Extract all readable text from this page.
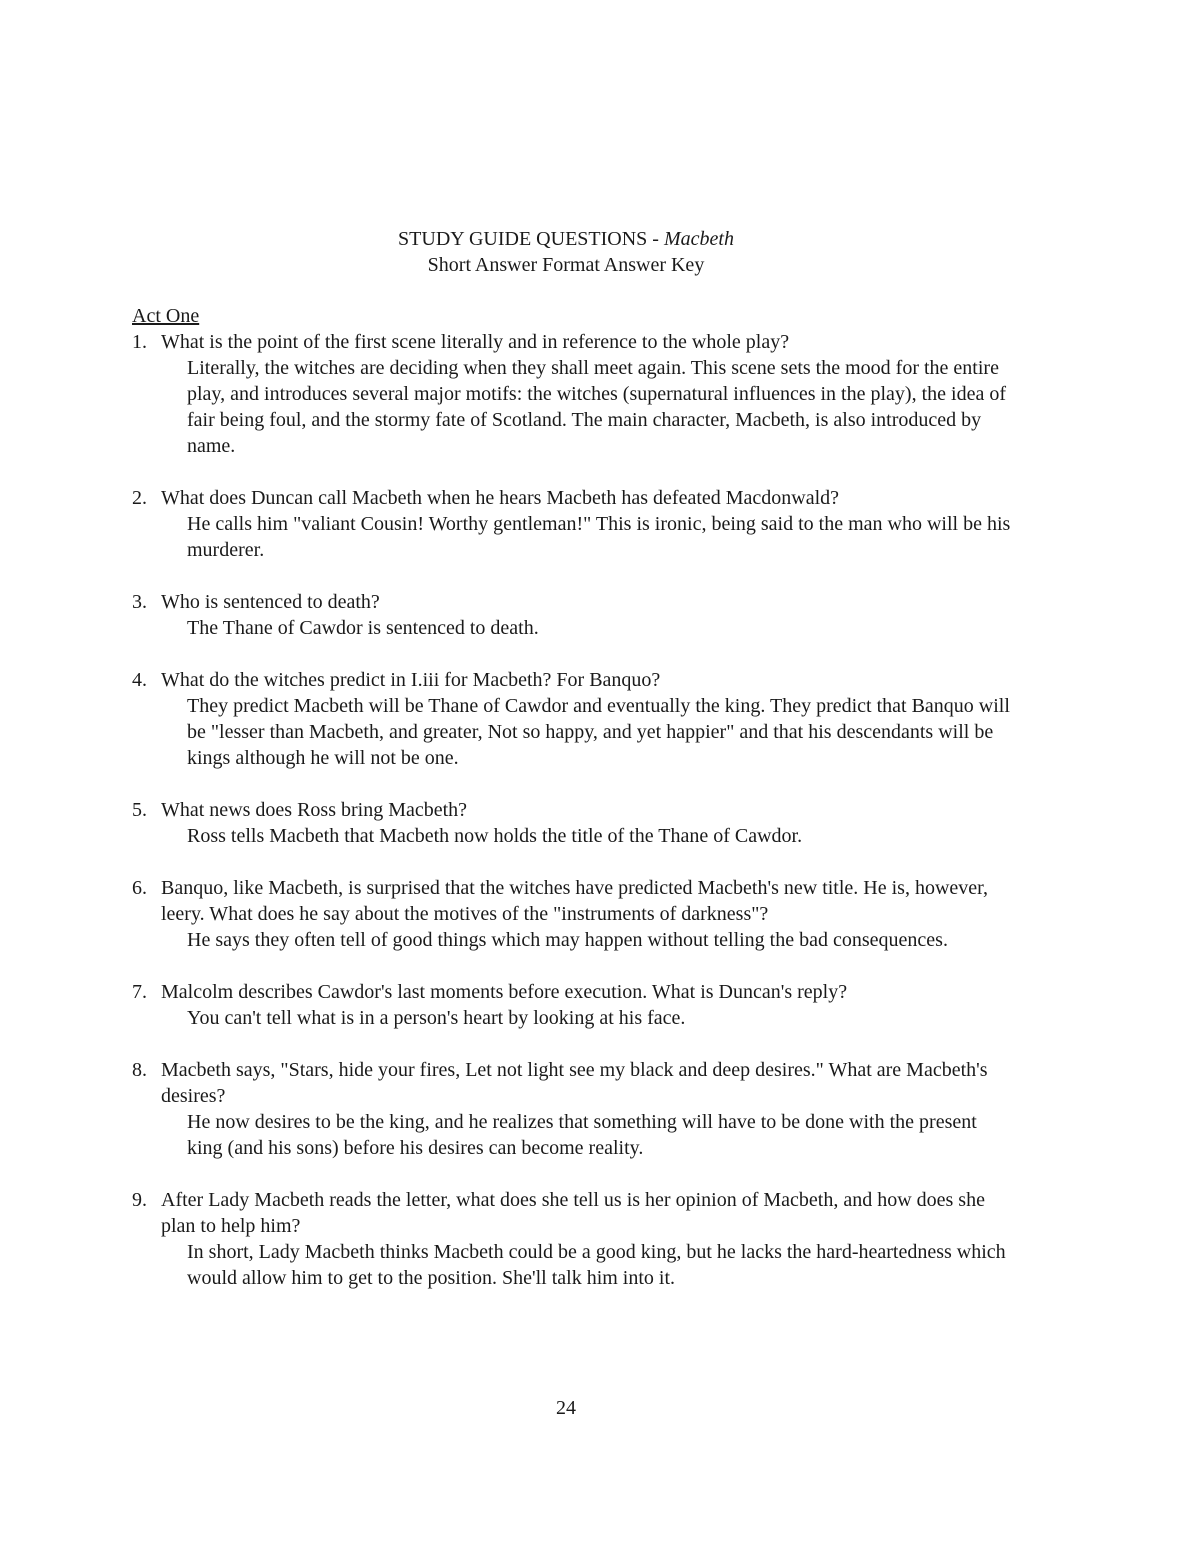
STUDY GUIDE QUESTIONS - Macbeth
Short Answer Format Answer Key

Act One

1. What is the point of the first scene literally and in reference to the whole play?
Literally, the witches are deciding when they shall meet again. This scene sets the mood for the entire play, and introduces several major motifs: the witches (supernatural influences in the play), the idea of fair being foul, and the stormy fate of Scotland. The main character, Macbeth, is also introduced by name.
2. What does Duncan call Macbeth when he hears Macbeth has defeated Macdonwald?
He calls him "valiant Cousin! Worthy gentleman!" This is ironic, being said to the man who will be his murderer.
3. Who is sentenced to death?
The Thane of Cawdor is sentenced to death.
4. What do the witches predict in I.iii for Macbeth? For Banquo?
They predict Macbeth will be Thane of Cawdor and eventually the king. They predict that Banquo will be "lesser than Macbeth, and greater, Not so happy, and yet happier" and that his descendants will be kings although he will not be one.
5. What news does Ross bring Macbeth?
Ross tells Macbeth that Macbeth now holds the title of the Thane of Cawdor.
6. Banquo, like Macbeth, is surprised that the witches have predicted Macbeth's new title. He is, however, leery. What does he say about the motives of the "instruments of darkness"?
He says they often tell of good things which may happen without telling the bad consequences.
7. Malcolm describes Cawdor's last moments before execution. What is Duncan's reply?
You can't tell what is in a person's heart by looking at his face.
8. Macbeth says, "Stars, hide your fires, Let not light see my black and deep desires." What are Macbeth's desires?
He now desires to be the king, and he realizes that something will have to be done with the present king (and his sons) before his desires can become reality.
9. After Lady Macbeth reads the letter, what does she tell us is her opinion of Macbeth, and how does she plan to help him?
In short, Lady Macbeth thinks Macbeth could be a good king, but he lacks the hard-heartedness which would allow him to get to the position. She'll talk him into it.
24
